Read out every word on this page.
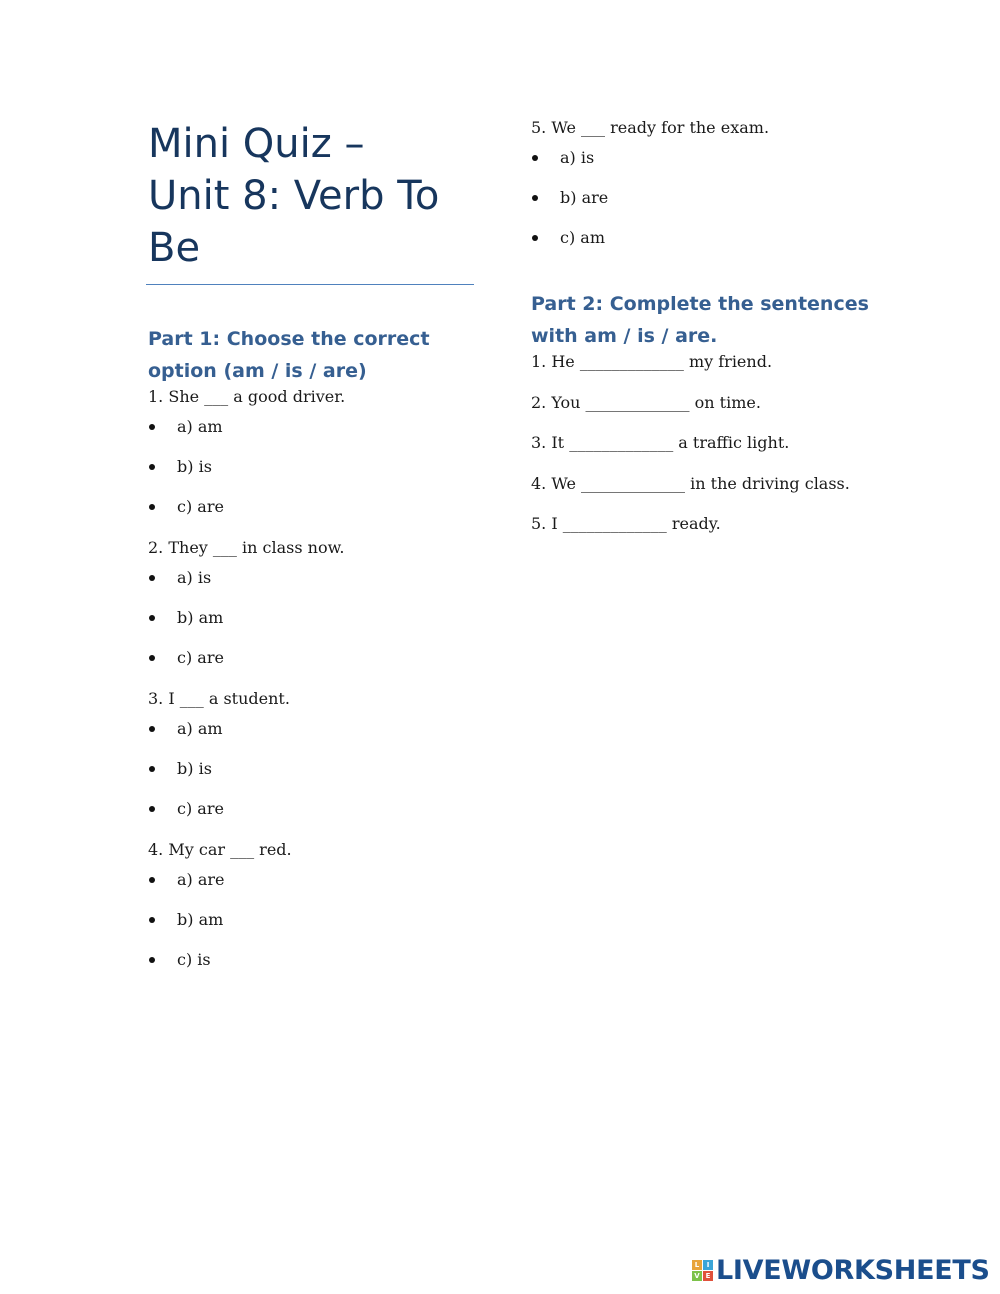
Mini Quiz – Unit 8: Verb To Be
Part 1: Choose the correct option (am / is / are)

1. She ___ a good driver.

a) am
b) is
c) are

2. They ___ in class now.

a) is
b) am
c) are

3. I ___ a student.

a) am
b) is
c) are

4. My car ___ red.

a) are
b) am
c) is

5. We ___ ready for the exam.

a) is
b) are
c) am
Part 2: Complete the sentences with am / is / are.

1. He _____________ my friend.

2. You _____________ on time.

3. It _____________ a traffic light.

4. We _____________ in the driving class.

5. I _____________ ready.

L	I
V E LIVEWORKSHEETS
